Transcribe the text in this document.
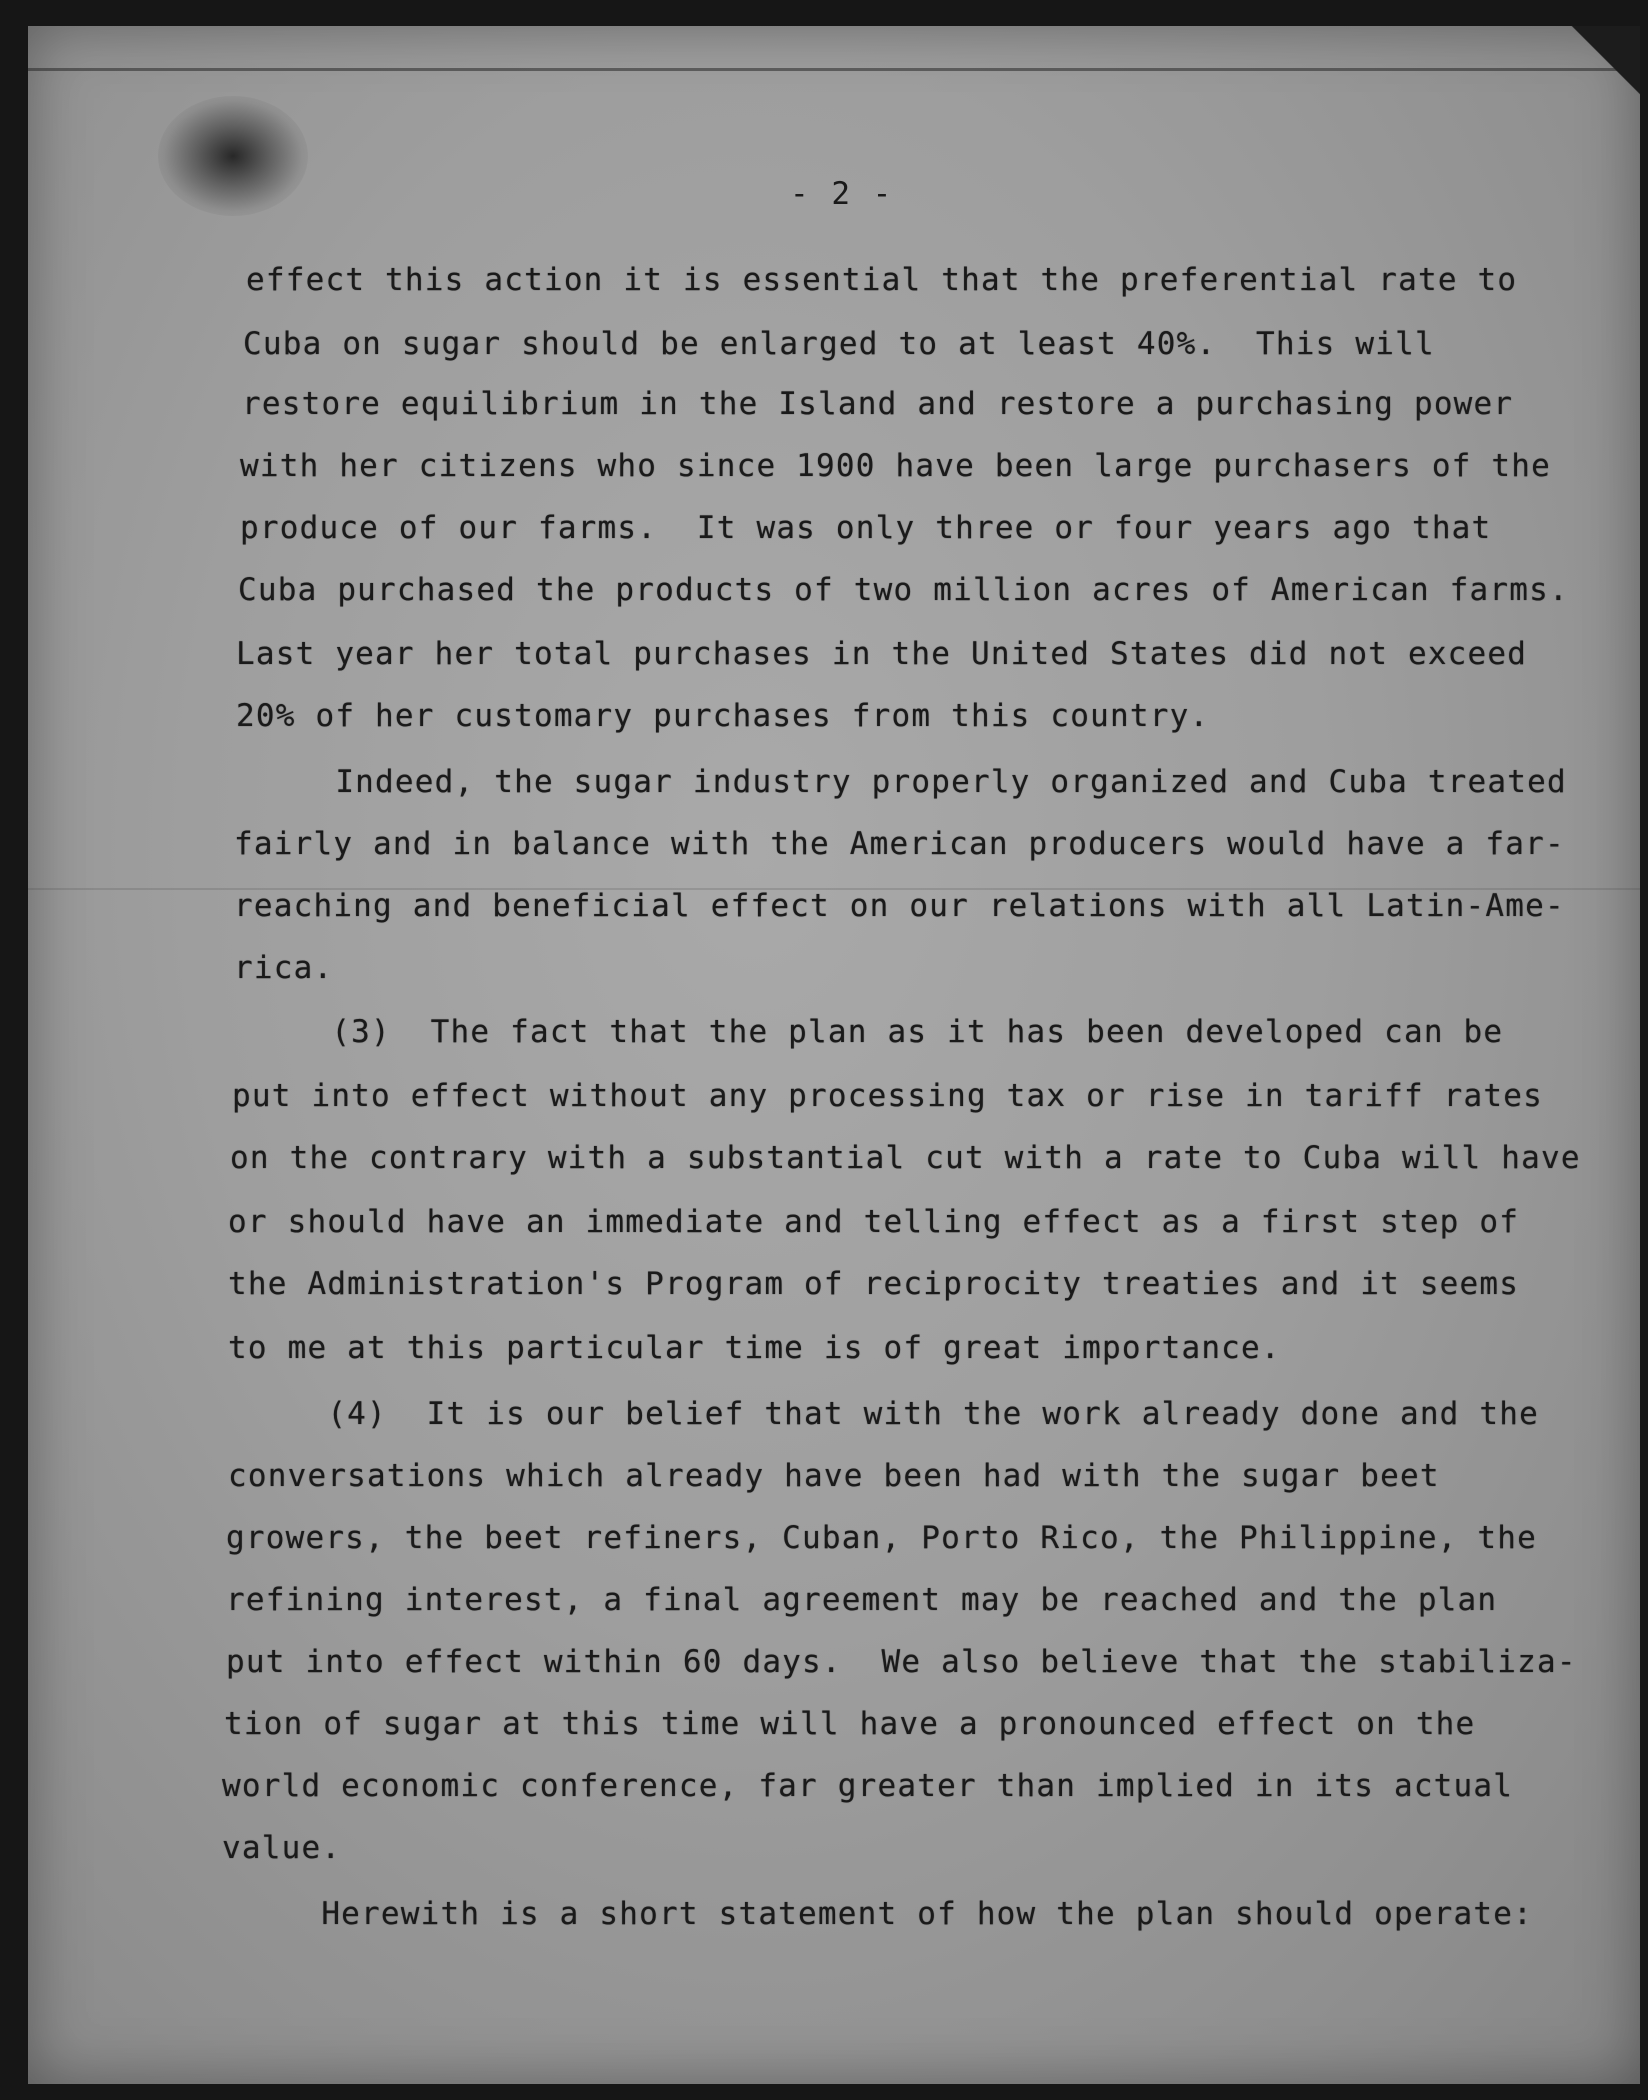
- 2 -
effect this action it is essential that the preferential rate to
Cuba on sugar should be enlarged to at least 40%.  This will
restore equilibrium in the Island and restore a purchasing power
with her citizens who since 1900 have been large purchasers of the
produce of our farms.  It was only three or four years ago that
Cuba purchased the products of two million acres of American farms.
Last year her total purchases in the United States did not exceed
20% of her customary purchases from this country.
Indeed, the sugar industry properly organized and Cuba treated
fairly and in balance with the American producers would have a far-
reaching and beneficial effect on our relations with all Latin-Ame-
rica.
(3)  The fact that the plan as it has been developed can be
put into effect without any processing tax or rise in tariff rates
on the contrary with a substantial cut with a rate to Cuba will have
or should have an immediate and telling effect as a first step of
the Administration's Program of reciprocity treaties and it seems
to me at this particular time is of great importance.
(4)  It is our belief that with the work already done and the
conversations which already have been had with the sugar beet
growers, the beet refiners, Cuban, Porto Rico, the Philippine, the
refining interest, a final agreement may be reached and the plan
put into effect within 60 days.  We also believe that the stabiliza-
tion of sugar at this time will have a pronounced effect on the
world economic conference, far greater than implied in its actual
value.
Herewith is a short statement of how the plan should operate:
